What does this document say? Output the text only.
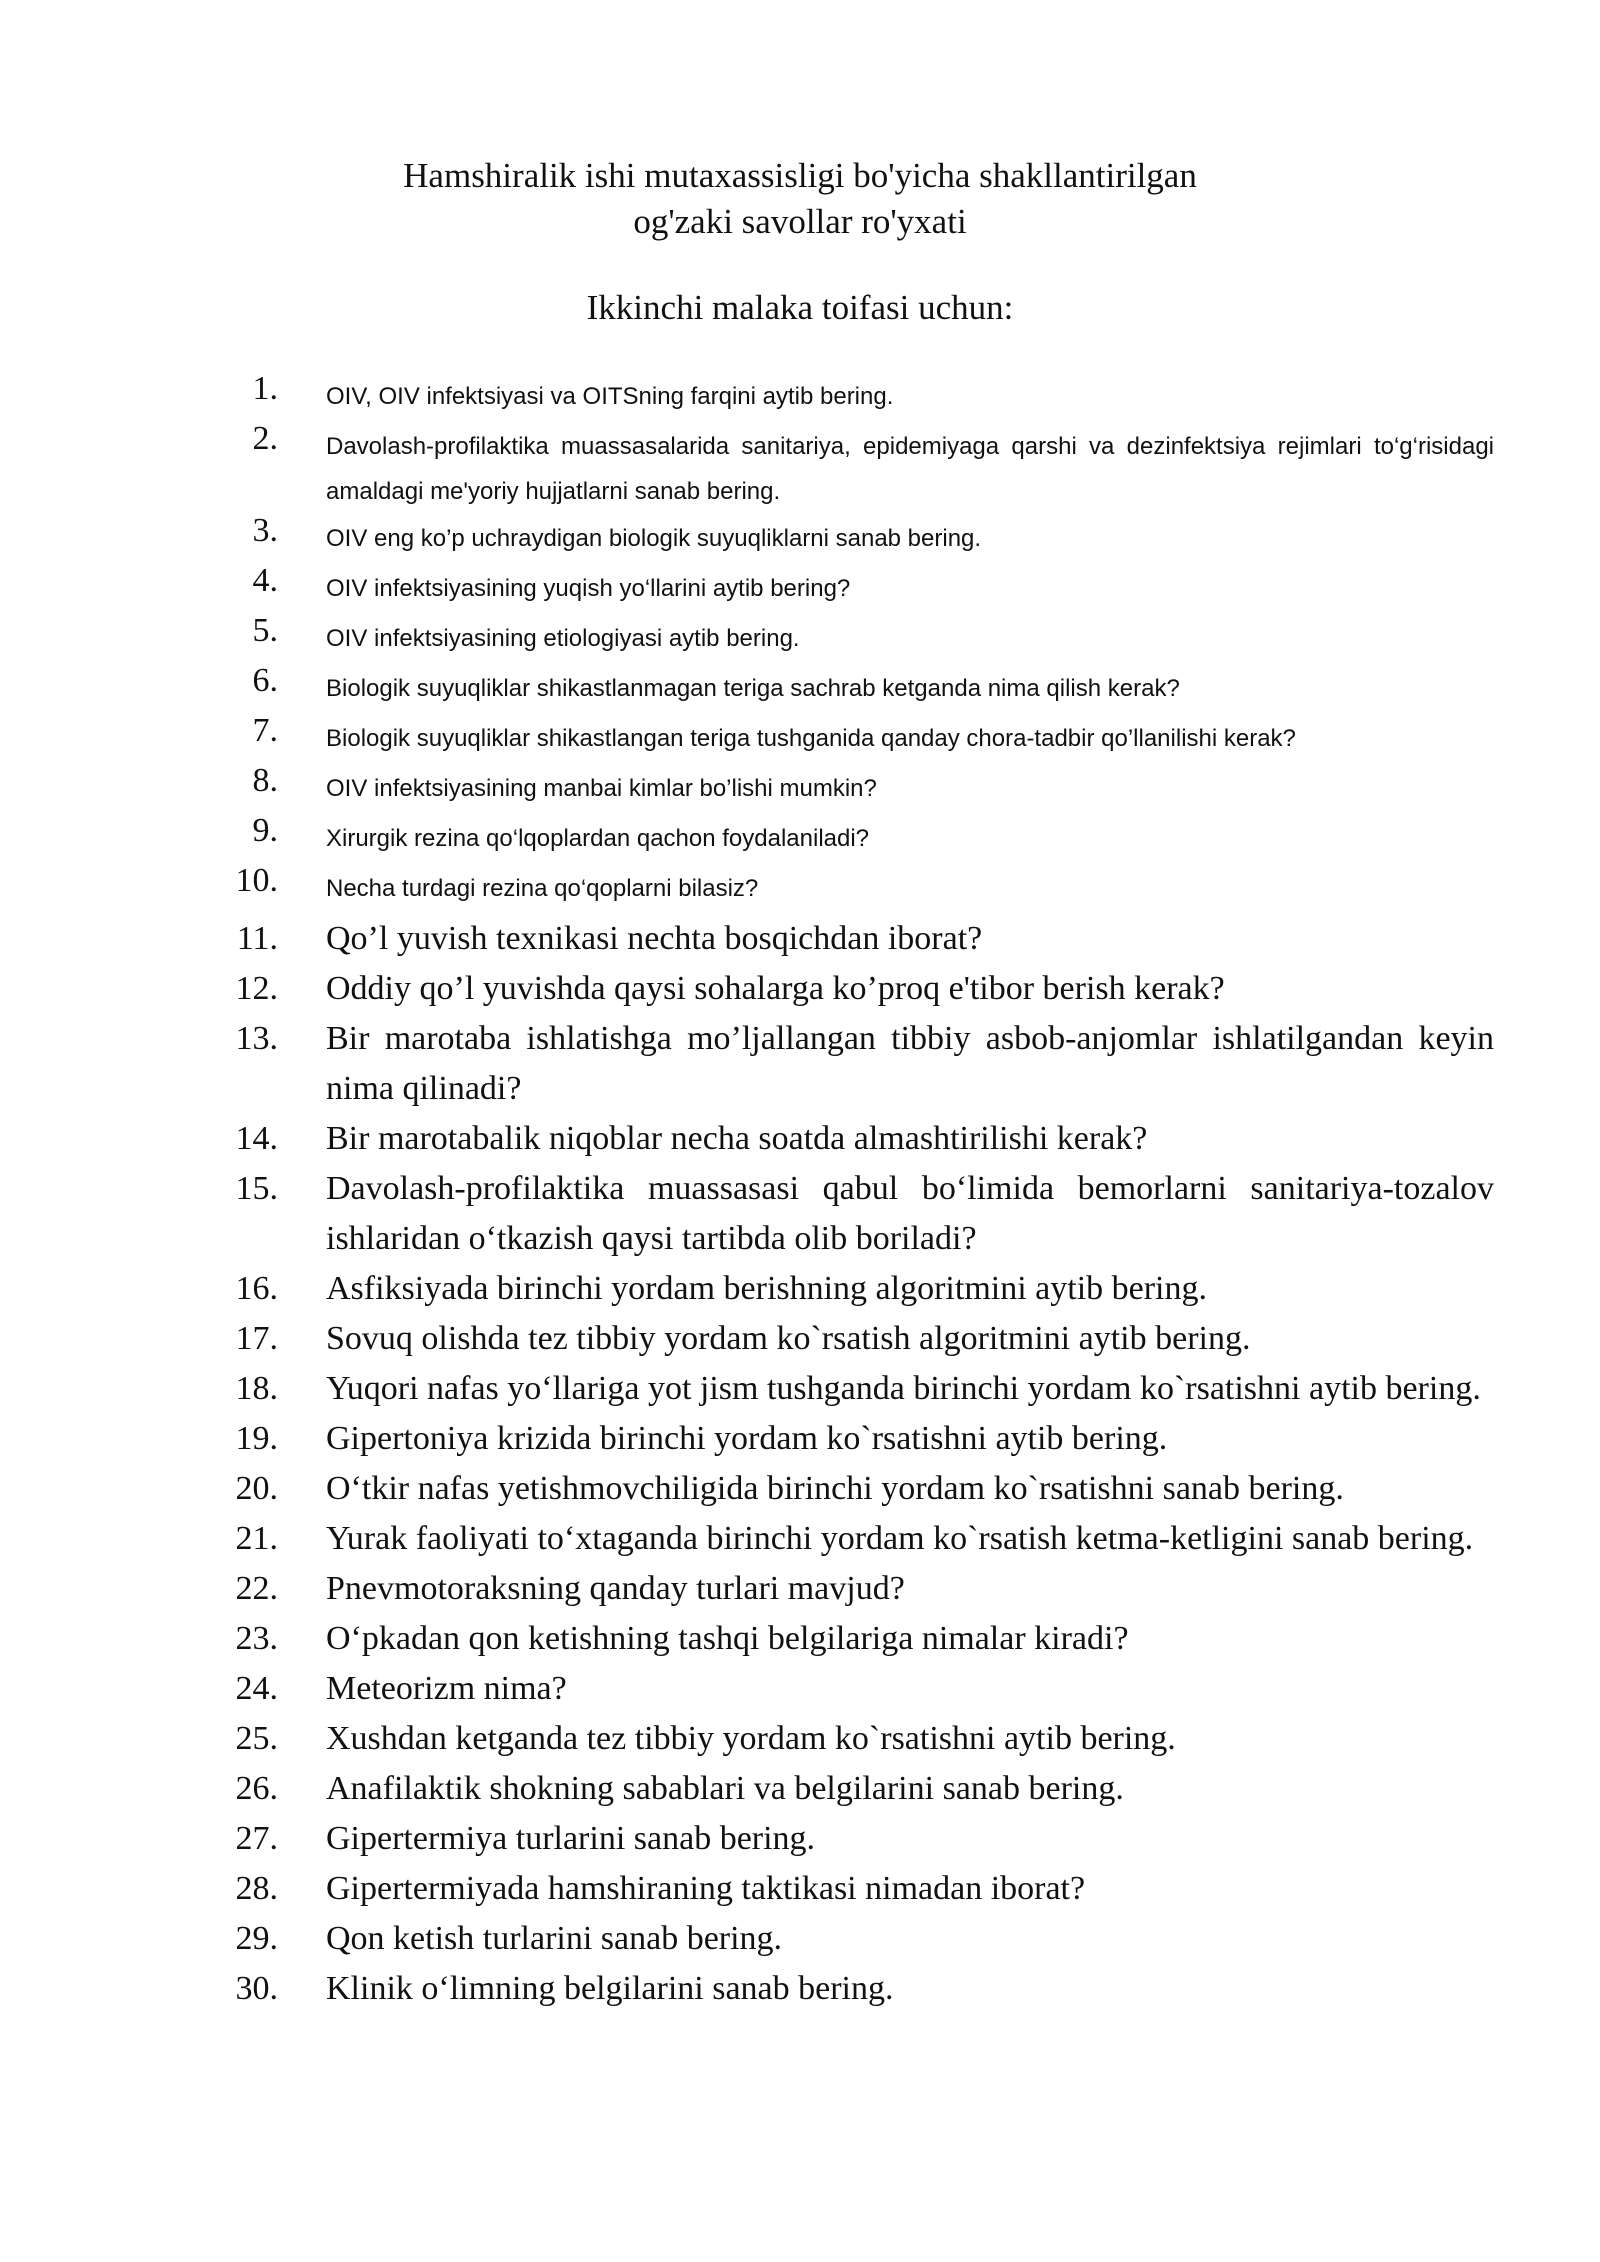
Hamshiralik ishi mutaxassisligi bo'yicha shakllantirilgan
og'zaki savollar ro'yxati
Ikkinchi malaka toifasi uchun:
1. OIV, OIV infektsiyasi va OITSning farqini aytib bering.
2. Davolash-profilaktika muassasalarida sanitariya, epidemiyaga qarshi va dezinfektsiya rejimlari to‘g‘risidagi amaldagi me'yoriy hujjatlarni sanab bering.
3. OIV eng ko’p uchraydigan biologik suyuqliklarni sanab bering.
4. OIV infektsiyasining yuqish yo‘llarini aytib bering?
5. OIV infektsiyasining etiologiyasi aytib bering.
6. Biologik suyuqliklar shikastlanmagan teriga sachrab ketganda nima qilish kerak?
7. Biologik suyuqliklar shikastlangan teriga tushganida qanday chora-tadbir qo’llanilishi kerak?
8. OIV infektsiyasining manbai kimlar bo’lishi mumkin?
9. Xirurgik rezina qo‘lqoplardan qachon foydalaniladi?
10. Necha turdagi rezina qo‘qoplarni bilasiz?
11. Qo’l yuvish texnikasi nechta bosqichdan iborat?
12. Oddiy qo’l yuvishda qaysi sohalarga ko’proq e'tibor berish kerak?
13. Bir marotaba ishlatishga mo’ljallangan tibbiy asbob-anjomlar ishlatilgandan keyin nima qilinadi?
14. Bir marotabalik niqoblar necha soatda almashtirilishi kerak?
15. Davolash-profilaktika muassasasi qabul bo‘limida bemorlarni sanitariya-tozalov ishlaridan o‘tkazish qaysi tartibda olib boriladi?
16. Asfiksiyada birinchi yordam berishning algoritmini aytib bering.
17. Sovuq olishda tez tibbiy yordam ko`rsatish algoritmini aytib bering.
18. Yuqori nafas yo‘llariga yot jism tushganda birinchi yordam ko`rsatishni aytib bering.
19. Gipertoniya krizida birinchi yordam ko`rsatishni aytib bering.
20. O‘tkir nafas yetishmovchiligida birinchi yordam ko`rsatishni sanab bering.
21. Yurak faoliyati to‘xtaganda birinchi yordam ko`rsatish ketma-ketligini sanab bering.
22. Pnevmotoraksning qanday turlari mavjud?
23. O‘pkadan qon ketishning tashqi belgilariga nimalar kiradi?
24. Meteorizm nima?
25. Xushdan ketganda tez tibbiy yordam ko`rsatishni aytib bering.
26. Anafilaktik shokning sabablari va belgilarini sanab bering.
27. Gipertermiya turlarini sanab bering.
28. Gipertermiyada hamshiraning taktikasi nimadan iborat?
29. Qon ketish turlarini sanab bering.
30. Klinik o‘limning belgilarini sanab bering.
